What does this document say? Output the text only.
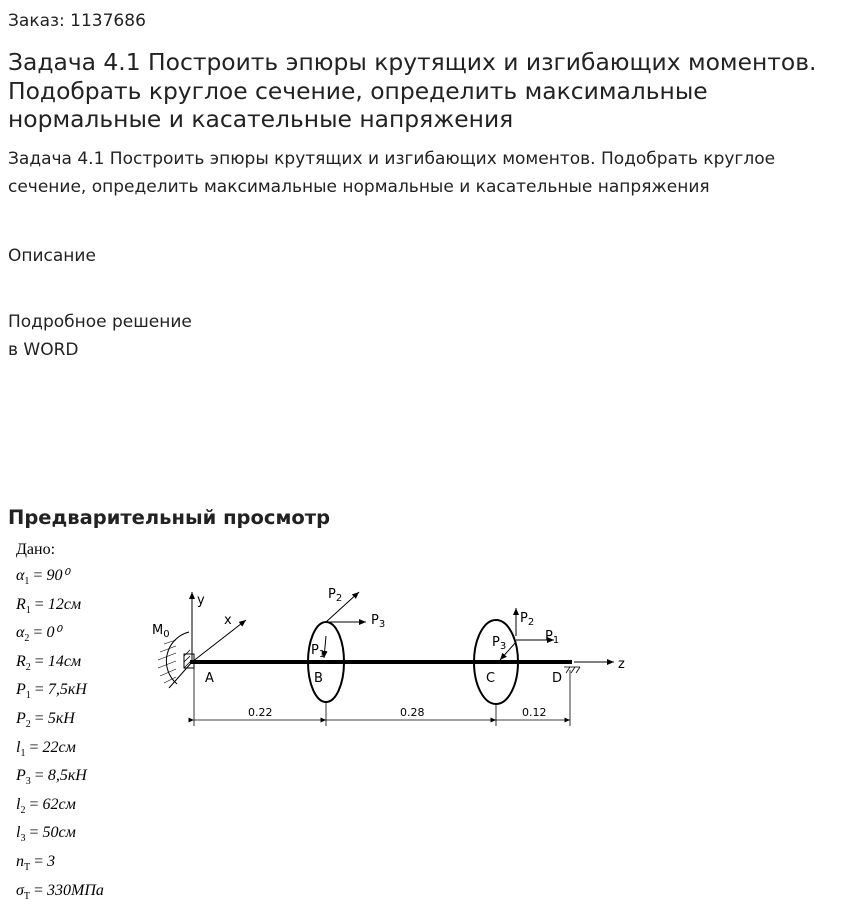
Заказ: 1137686
Задача 4.1 Построить эпюры крутящих и изгибающих моментов. Подобрать круглое сечение, определить максимальные нормальные и касательные напряжения
Задача 4.1 Построить эпюры крутящих и изгибающих моментов. Подобрать круглое сечение, определить максимальные нормальные и касательные напряжения
Описание
Подробное решение
в WORD
Предварительный просмотр
Дано:
$\alpha_1 = 90^0$
$R_1 = 12см$
$\alpha_2 = 0^0$
$R_2 = 14см$
$P_1 = 7,5кН$
$P_2 = 5кН$
$l_1 = 22см$
$P_3 = 8,5кН$
$l_2 = 62см$
$l_3 = 50см$
$n_T = 3$
$\sigma_T = 330МПа$
$M_0$
y
x
z
A	B	C	D
$P_2$
$P_3$
$P_1$
$P_2$
$P_1$
$P_3$
0.22	0.28	0.12
